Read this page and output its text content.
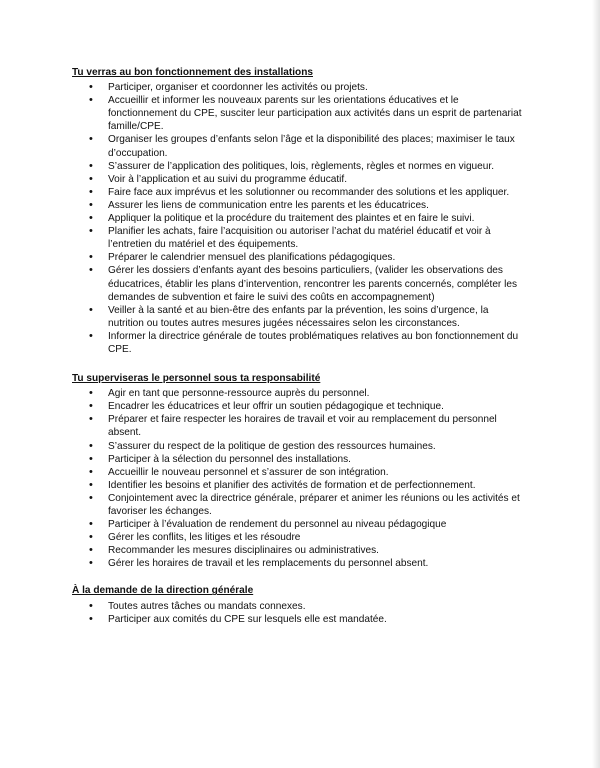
Tu verras au bon fonctionnement des installations
• Participer, organiser et coordonner les activités ou projets.
• Accueillir et informer les nouveaux parents sur les orientations éducatives et le fonctionnement du CPE, susciter leur participation aux activités dans un esprit de partenariat famille/CPE.
• Organiser les groupes d’enfants selon l’âge et la disponibilité des places; maximiser le taux d’occupation.
• S’assurer de l’application des politiques, lois, règlements, règles et normes en vigueur.
• Voir à l’application et au suivi du programme éducatif.
• Faire face aux imprévus et les solutionner ou recommander des solutions et les appliquer.
• Assurer les liens de communication entre les parents et les éducatrices.
• Appliquer la politique et la procédure du traitement des plaintes et en faire le suivi.
• Planifier les achats, faire l’acquisition ou autoriser l’achat du matériel éducatif et voir à l’entretien du matériel et des équipements.
• Préparer le calendrier mensuel des planifications pédagogiques.
• Gérer les dossiers d’enfants ayant des besoins particuliers, (valider les observations des éducatrices, établir les plans d’intervention, rencontrer les parents concernés, compléter les demandes de subvention et faire le suivi des coûts en accompagnement)
• Veiller à la santé et au bien-être des enfants par la prévention, les soins d’urgence, la nutrition ou toutes autres mesures jugées nécessaires selon les circonstances.
• Informer la directrice générale de toutes problématiques relatives au bon fonctionnement du CPE.
Tu superviseras le personnel sous ta responsabilité
• Agir en tant que personne-ressource auprès du personnel.
• Encadrer les éducatrices et leur offrir un soutien pédagogique et technique.
• Préparer et faire respecter les horaires de travail et voir au remplacement du personnel absent.
• S’assurer du respect de la politique de gestion des ressources humaines.
• Participer à la sélection du personnel des installations.
• Accueillir le nouveau personnel et s’assurer de son intégration.
• Identifier les besoins et planifier des activités de formation et de perfectionnement.
• Conjointement avec la directrice générale, préparer et animer les réunions ou les activités et favoriser les échanges.
• Participer à l’évaluation de rendement du personnel au niveau pédagogique
• Gérer les conflits, les litiges et les résoudre
• Recommander les mesures disciplinaires ou administratives.
• Gérer les horaires de travail et les remplacements du personnel absent.
À la demande de la direction générale
• Toutes autres tâches ou mandats connexes.
• Participer aux comités du CPE sur lesquels elle est mandatée.
